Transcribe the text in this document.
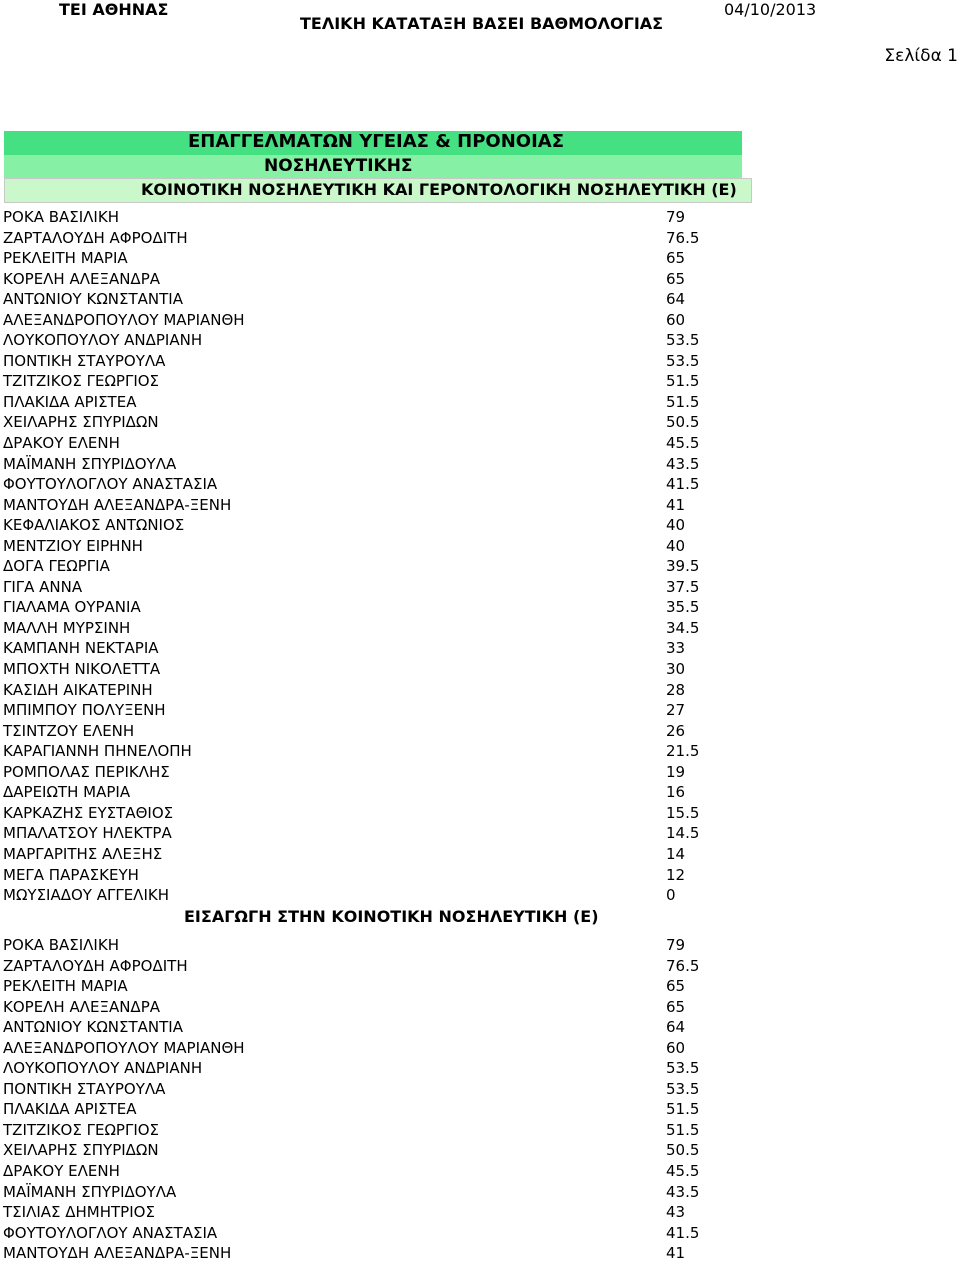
ΤΕΙ ΑΘΗΝΑΣ
ΤΕΛΙΚΗ ΚΑΤΑΤΑΞΗ ΒΑΣΕΙ ΒΑΘΜΟΛΟΓΙΑΣ
04/10/2013
Σελίδα 1
ΕΠΑΓΓΕΛΜΑΤΩΝ ΥΓΕΙΑΣ & ΠΡΟΝΟΙΑΣ
ΝΟΣΗΛΕΥΤΙΚΗΣ
ΚΟΙΝΟΤΙΚΗ ΝΟΣΗΛΕΥΤΙΚΗ ΚΑΙ ΓΕΡΟΝΤΟΛΟΓΙΚΗ ΝΟΣΗΛΕΥΤΙΚΗ (Ε)
ΡΟΚΑ ΒΑΣΙΛΙΚΗ	79
ΖΑΡΤΑΛΟΥΔΗ ΑΦΡΟΔΙΤΗ	76.5
ΡΕΚΛΕΙΤΗ ΜΑΡΙΑ	65
ΚΟΡΕΛΗ ΑΛΕΞΑΝΔΡΑ	65
ΑΝΤΩΝΙΟΥ ΚΩΝΣΤΑΝΤΙΑ	64
ΑΛΕΞΑΝΔΡΟΠΟΥΛΟΥ ΜΑΡΙΑΝΘΗ	60
ΛΟΥΚΟΠΟΥΛΟΥ ΑΝΔΡΙΑΝΗ	53.5
ΠΟΝΤΙΚΗ ΣΤΑΥΡΟΥΛΑ	53.5
ΤΖΙΤΖΙΚΟΣ ΓΕΩΡΓΙΟΣ	51.5
ΠΛΑΚΙΔΑ ΑΡΙΣΤΕΑ	51.5
ΧΕΙΛΑΡΗΣ ΣΠΥΡΙΔΩΝ	50.5
ΔΡΑΚΟΥ ΕΛΕΝΗ	45.5
ΜΑΪΜΑΝΗ ΣΠΥΡΙΔΟΥΛΑ	43.5
ΦΟΥΤΟΥΛΟΓΛΟΥ ΑΝΑΣΤΑΣΙΑ	41.5
ΜΑΝΤΟΥΔΗ ΑΛΕΞΑΝΔΡΑ-ΞΕΝΗ	41
ΚΕΦΑΛΙΑΚΟΣ ΑΝΤΩΝΙΟΣ	40
ΜΕΝΤΖΙΟΥ ΕΙΡΗΝΗ	40
ΔΟΓΑ ΓΕΩΡΓΙΑ	39.5
ΓΙΓΑ ΑΝΝΑ	37.5
ΓΙΑΛΑΜΑ ΟΥΡΑΝΙΑ	35.5
ΜΑΛΛΗ ΜΥΡΣΙΝΗ	34.5
ΚΑΜΠΑΝΗ ΝΕΚΤΑΡΙΑ	33
ΜΠΟΧΤΗ ΝΙΚΟΛΕΤΤΑ	30
ΚΑΣΙΔΗ ΑΙΚΑΤΕΡΙΝΗ	28
ΜΠΙΜΠΟΥ ΠΟΛΥΞΕΝΗ	27
ΤΣΙΝΤΖΟΥ ΕΛΕΝΗ	26
ΚΑΡΑΓΙΑΝΝΗ ΠΗΝΕΛΟΠΗ	21.5
ΡΟΜΠΟΛΑΣ ΠΕΡΙΚΛΗΣ	19
ΔΑΡΕΙΩΤΗ ΜΑΡΙΑ	16
ΚΑΡΚΑΖΗΣ ΕΥΣΤΑΘΙΟΣ	15.5
ΜΠΑΛΑΤΣΟΥ ΗΛΕΚΤΡΑ	14.5
ΜΑΡΓΑΡΙΤΗΣ ΑΛΕΞΗΣ	14
ΜΕΓΑ ΠΑΡΑΣΚΕΥΗ	12
ΜΩΥΣΙΑΔΟΥ ΑΓΓΕΛΙΚΗ	0
ΕΙΣΑΓΩΓΗ ΣΤΗΝ ΚΟΙΝΟΤΙΚΗ ΝΟΣΗΛΕΥΤΙΚΗ (Ε)
ΡΟΚΑ ΒΑΣΙΛΙΚΗ	79
ΖΑΡΤΑΛΟΥΔΗ ΑΦΡΟΔΙΤΗ	76.5
ΡΕΚΛΕΙΤΗ ΜΑΡΙΑ	65
ΚΟΡΕΛΗ ΑΛΕΞΑΝΔΡΑ	65
ΑΝΤΩΝΙΟΥ ΚΩΝΣΤΑΝΤΙΑ	64
ΑΛΕΞΑΝΔΡΟΠΟΥΛΟΥ ΜΑΡΙΑΝΘΗ	60
ΛΟΥΚΟΠΟΥΛΟΥ ΑΝΔΡΙΑΝΗ	53.5
ΠΟΝΤΙΚΗ ΣΤΑΥΡΟΥΛΑ	53.5
ΠΛΑΚΙΔΑ ΑΡΙΣΤΕΑ	51.5
ΤΖΙΤΖΙΚΟΣ ΓΕΩΡΓΙΟΣ	51.5
ΧΕΙΛΑΡΗΣ ΣΠΥΡΙΔΩΝ	50.5
ΔΡΑΚΟΥ ΕΛΕΝΗ	45.5
ΜΑΪΜΑΝΗ ΣΠΥΡΙΔΟΥΛΑ	43.5
ΤΣΙΛΙΑΣ ΔΗΜΗΤΡΙΟΣ	43
ΦΟΥΤΟΥΛΟΓΛΟΥ ΑΝΑΣΤΑΣΙΑ	41.5
ΜΑΝΤΟΥΔΗ ΑΛΕΞΑΝΔΡΑ-ΞΕΝΗ	41
